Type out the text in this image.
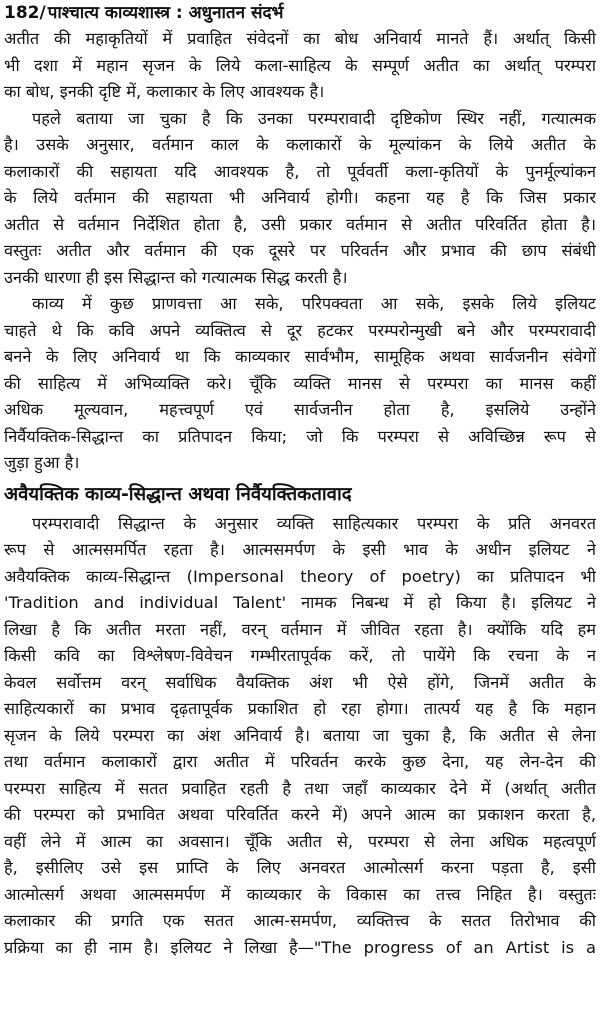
182/ पाश्चात्य काव्यशास्त्र : अधुनातन संदर्भ

अतीत की महाकृतियों में प्रवाहित संवेदनों का बोध अनिवार्य मानते हैं। अर्थात् किसी
भी दशा में महान सृजन के लिये कला-साहित्य के सम्पूर्ण अतीत का अर्थात् परम्परा
का बोध, इनकी दृष्टि में, कलाकार के लिए आवश्यक है।

पहले बताया जा चुका है कि उनका परम्परावादी दृष्टिकोण स्थिर नहीं, गत्यात्मक
है। उसके अनुसार, वर्तमान काल के कलाकारों के मूल्यांकन के लिये अतीत के
कलाकारों की सहायता यदि आवश्यक है, तो पूर्ववर्ती कला-कृतियों के पुनर्मूल्यांकन
के लिये वर्तमान की सहायता भी अनिवार्य होगी। कहना यह है कि जिस प्रकार
अतीत से वर्तमान निर्देशित होता है, उसी प्रकार वर्तमान से अतीत परिवर्तित होता है।
वस्तुतः अतीत और वर्तमान की एक दूसरे पर परिवर्तन और प्रभाव की छाप संबंधी
उनकी धारणा ही इस सिद्धान्त को गत्यात्मक सिद्ध करती है।

काव्य में कुछ प्राणवत्ता आ सके, परिपक्वता आ सके, इसके लिये इलियट
चाहते थे कि कवि अपने व्यक्तित्व से दूर हटकर परम्परोन्मुखी बने और परम्परावादी
बनने के लिए अनिवार्य था कि काव्यकार सार्वभौम, सामूहिक अथवा सार्वजनीन संवेगों
की साहित्य में अभिव्यक्ति करे। चूँकि व्यक्ति मानस से परम्परा का मानस कहीं
अधिक मूल्यवान, महत्त्वपूर्ण एवं सार्वजनीन होता है, इसलिये उन्होंने
निर्वैयक्तिक-सिद्धान्त का प्रतिपादन किया; जो कि परम्परा से अविच्छिन्न रूप से
जुड़ा हुआ है।

अवैयक्तिक काव्य-सिद्धान्त अथवा निर्वैयक्तिकतावाद

परम्परावादी सिद्धान्त के अनुसार व्यक्ति साहित्यकार परम्परा के प्रति अनवरत
रूप से आत्मसमर्पित रहता है। आत्मसमर्पण के इसी भाव के अधीन इलियट ने
अवैयक्तिक काव्य-सिद्धान्त (Impersonal theory of poetry) का प्रतिपादन भी
'Tradition and individual Talent' नामक निबन्ध में हो किया है। इलियट ने
लिखा है कि अतीत मरता नहीं, वरन् वर्तमान में जीवित रहता है। क्योंकि यदि हम
किसी कवि का विश्लेषण-विवेचन गम्भीरतापूर्वक करें, तो पायेंगे कि रचना के न
केवल सर्वोत्तम वरन् सर्वाधिक वैयक्तिक अंश भी ऐसे होंगे, जिनमें अतीत के
साहित्यकारों का प्रभाव दृढ़तापूर्वक प्रकाशित हो रहा होगा। तात्पर्य यह है कि महान
सृजन के लिये परम्परा का अंश अनिवार्य है। बताया जा चुका है, कि अतीत से लेना
तथा वर्तमान कलाकारों द्वारा अतीत में परिवर्तन करके कुछ देना, यह लेन-देन की
परम्परा साहित्य में सतत प्रवाहित रहती है तथा जहाँ काव्यकार देने में (अर्थात् अतीत
की परम्परा को प्रभावित अथवा परिवर्तित करने में) अपने आत्म का प्रकाशन करता है,
वहीं लेने में आत्म का अवसान। चूँकि अतीत से, परम्परा से लेना अधिक महत्वपूर्ण
है, इसीलिए उसे इस प्राप्ति के लिए अनवरत आत्मोत्सर्ग करना पड़ता है, इसी
आत्मोत्सर्ग अथवा आत्मसमर्पण में काव्यकार के विकास का तत्त्व निहित है। वस्तुतः
कलाकार की प्रगति एक सतत आत्म-समर्पण, व्यक्तित्त्व के सतत तिरोभाव की
प्रक्रिया का ही नाम है। इलियट ने लिखा है—"The progress of an Artist is a
